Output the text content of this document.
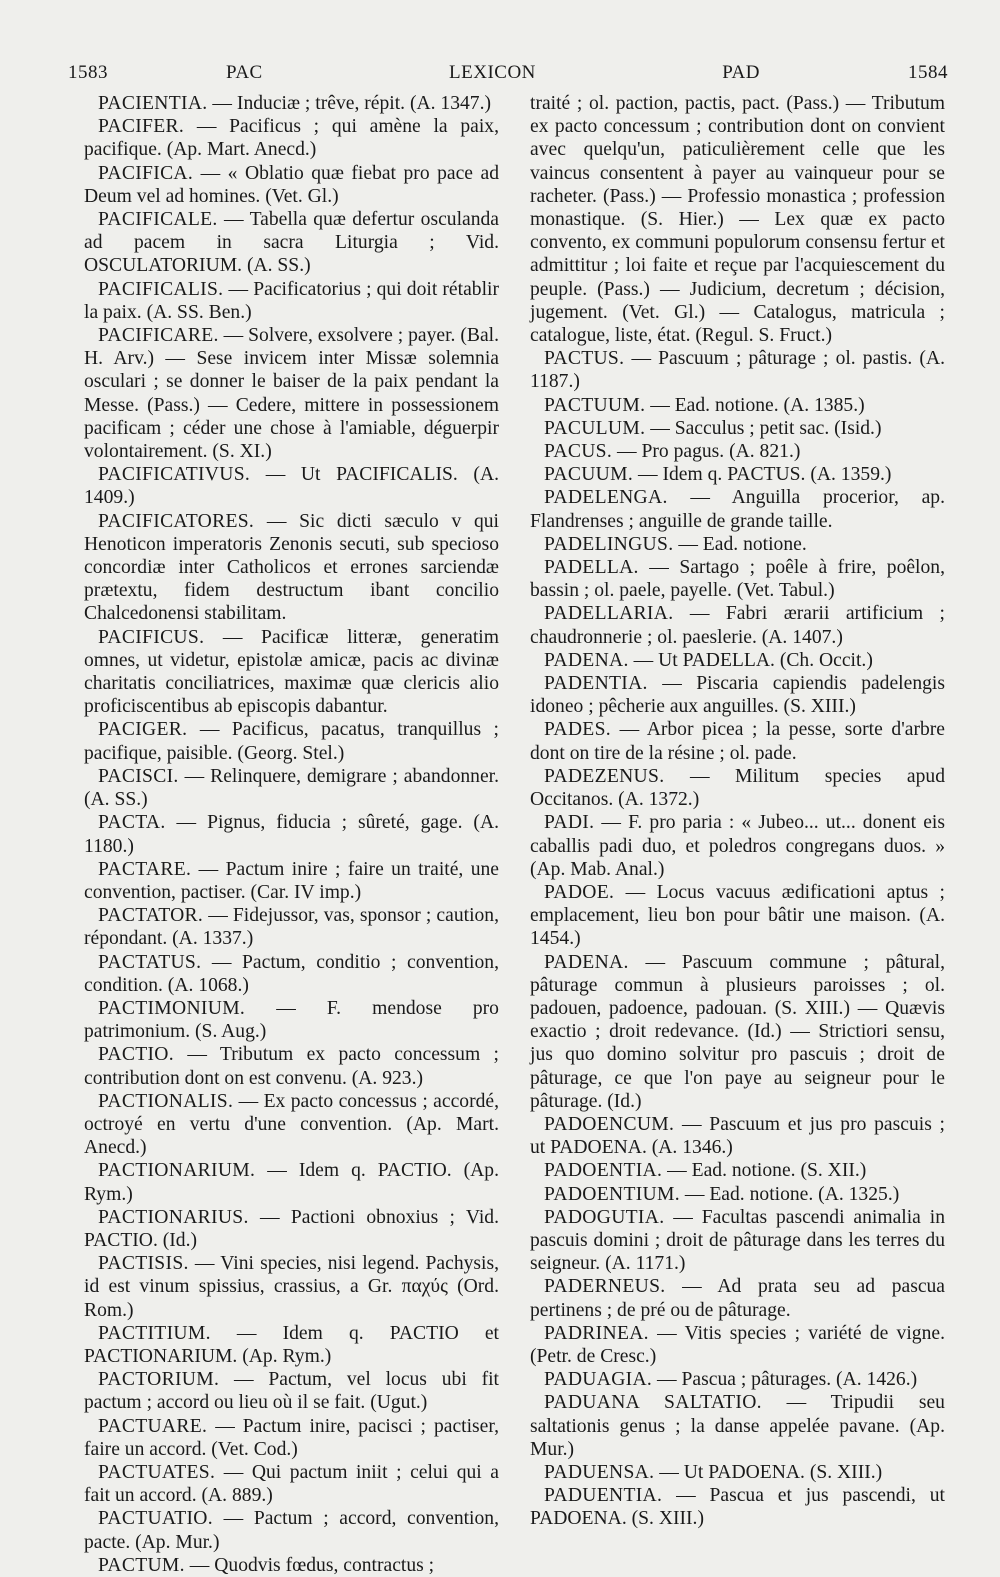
1583	PAC	LEXICON	PAD	1584

PACIENTIA. — Induciæ ; trêve, répit. (A. 1347.)

PACIFER. — Pacificus ; qui amène la paix, pacifique. (Ap. Mart. Anecd.)

PACIFICA. — « Oblatio quæ fiebat pro pace ad Deum vel ad homines. (Vet. Gl.)

PACIFICALE. — Tabella quæ defertur osculanda ad pacem in sacra Liturgia ; Vid. OSCULATORIUM. (A. SS.)

PACIFICALIS. — Pacificatorius ; qui doit rétablir la paix. (A. SS. Ben.)

PACIFICARE. — Solvere, exsolvere ; payer. (Bal. H. Arv.) — Sese invicem inter Missæ solemnia osculari ; se donner le baiser de la paix pendant la Messe. (Pass.) — Cedere, mittere in possessionem pacificam ; céder une chose à l'amiable, déguerpir volontairement. (S. XI.)

PACIFICATIVUS. — Ut PACIFICALIS. (A. 1409.)

PACIFICATORES. — Sic dicti sæculo v qui Henoticon imperatoris Zenonis secuti, sub specioso concordiæ inter Catholicos et errones sarciendæ prætextu, fidem destructum ibant concilio Chalcedonensi stabilitam.

PACIFICUS. — Pacificæ litteræ, generatim omnes, ut videtur, epistolæ amicæ, pacis ac divinæ charitatis conciliatrices, maximæ quæ clericis alio proficiscentibus ab episcopis dabantur.

PACIGER. — Pacificus, pacatus, tranquillus ; pacifique, paisible. (Georg. Stel.)

PACISCI. — Relinquere, demigrare ; abandonner. (A. SS.)

PACTA. — Pignus, fiducia ; sûreté, gage. (A. 1180.)

PACTARE. — Pactum inire ; faire un traité, une convention, pactiser. (Car. IV imp.)

PACTATOR. — Fidejussor, vas, sponsor ; caution, répondant. (A. 1337.)

PACTATUS. — Pactum, conditio ; convention, condition. (A. 1068.)

PACTIMONIUM. — F. mendose pro patrimonium. (S. Aug.)

PACTIO. — Tributum ex pacto concessum ; contribution dont on est convenu. (A. 923.)

PACTIONALIS. — Ex pacto concessus ; accordé, octroyé en vertu d'une convention. (Ap. Mart. Anecd.)

PACTIONARIUM. — Idem q. PACTIO. (Ap. Rym.)

PACTIONARIUS. — Pactioni obnoxius ; Vid. PACTIO. (Id.)

PACTISIS. — Vini species, nisi legend. Pachysis, id est vinum spissius, crassius, a Gr. παχύς (Ord. Rom.)

PACTITIUM. — Idem q. PACTIO et PACTIONARIUM. (Ap. Rym.)

PACTORIUM. — Pactum, vel locus ubi fit pactum ; accord ou lieu où il se fait. (Ugut.)

PACTUARE. — Pactum inire, pacisci ; pactiser, faire un accord. (Vet. Cod.)

PACTUATES. — Qui pactum iniit ; celui qui a fait un accord. (A. 889.)

PACTUATIO. — Pactum ; accord, convention, pacte. (Ap. Mur.)

PACTUM. — Quodvis fœdus, contractus ;

traité ; ol. paction, pactis, pact. (Pass.) — Tributum ex pacto concessum ; contribution dont on convient avec quelqu'un, paticulièrement celle que les vaincus consentent à payer au vainqueur pour se racheter. (Pass.) — Professio monastica ; profession monastique. (S. Hier.) — Lex quæ ex pacto convento, ex communi populorum consensu fertur et admittitur ; loi faite et reçue par l'acquiescement du peuple. (Pass.) — Judicium, decretum ; décision, jugement. (Vet. Gl.) — Catalogus, matricula ; catalogue, liste, état. (Regul. S. Fruct.)

PACTUS. — Pascuum ; pâturage ; ol. pastis. (A. 1187.)

PACTUUM. — Ead. notione. (A. 1385.)

PACULUM. — Sacculus ; petit sac. (Isid.)

PACUS. — Pro pagus. (A. 821.)

PACUUM. — Idem q. PACTUS. (A. 1359.)

PADELENGA. — Anguilla procerior, ap. Flandrenses ; anguille de grande taille.

PADELINGUS. — Ead. notione.

PADELLA. — Sartago ; poêle à frire, poêlon, bassin ; ol. paele, payelle. (Vet. Tabul.)

PADELLARIA. — Fabri ærarii artificium ; chaudronnerie ; ol. paeslerie. (A. 1407.)

PADENA. — Ut PADELLA. (Ch. Occit.)

PADENTIA. — Piscaria capiendis padelengis idoneo ; pêcherie aux anguilles. (S. XIII.)

PADES. — Arbor picea ; la pesse, sorte d'arbre dont on tire de la résine ; ol. pade.

PADEZENUS. — Militum species apud Occitanos. (A. 1372.)

PADI. — F. pro paria : « Jubeo... ut... donent eis caballis padi duo, et poledros congregans duos. » (Ap. Mab. Anal.)

PADOE. — Locus vacuus ædificationi aptus ; emplacement, lieu bon pour bâtir une maison. (A. 1454.)

PADENA. — Pascuum commune ; pâtural, pâturage commun à plusieurs paroisses ; ol. padouen, padoence, padouan. (S. XIII.) — Quævis exactio ; droit redevance. (Id.) — Strictiori sensu, jus quo domino solvitur pro pascuis ; droit de pâturage, ce que l'on paye au seigneur pour le pâturage. (Id.)

PADOENCUM. — Pascuum et jus pro pascuis ; ut PADOENA. (A. 1346.)

PADOENTIA. — Ead. notione. (S. XII.)

PADOENTIUM. — Ead. notione. (A. 1325.)

PADOGUTIA. — Facultas pascendi animalia in pascuis domini ; droit de pâturage dans les terres du seigneur. (A. 1171.)

PADERNEUS. — Ad prata seu ad pascua pertinens ; de pré ou de pâturage.

PADRINEA. — Vitis species ; variété de vigne. (Petr. de Cresc.)

PADUAGIA. — Pascua ; pâturages. (A. 1426.)

PADUANA SALTATIO. — Tripudii seu saltationis genus ; la danse appelée pavane. (Ap. Mur.)

PADUENSA. — Ut PADOENA. (S. XIII.)

PADUENTIA. — Pascua et jus pascendi, ut PADOENA. (S. XIII.)
